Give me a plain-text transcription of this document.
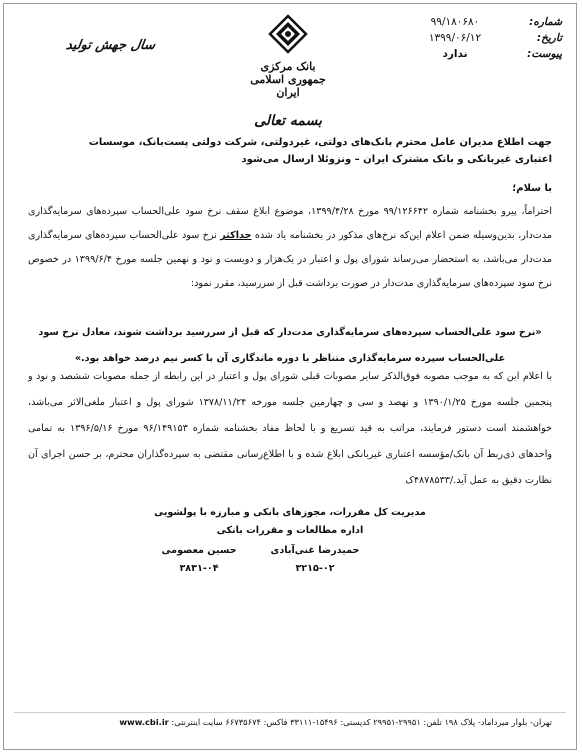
سال جهش تولید
بانک مرکزی جمهوری اسلامی ایران
بسمه تعالی
شماره:
۹۹/۱۸۰۶۸۰
تاریخ:
۱۳۹۹/۰۶/۱۲
پیوست:
ندارد
جهت اطلاع مدیران عامل محترم بانک‌های دولتی، غیردولتی، شرکت دولتی پست‌بانک، موسسات اعتباری غیربانکی و بانک مشترک ایران – ونزوئلا ارسال می‌شود
با سلام؛
احتراماً، پیرو بخشنامه شماره ۹۹/۱۲۶۶۴۲ مورخ ۱۳۹۹/۴/۲۸، موضوع ابلاغ سقف نرخ سود علی‌الحساب سپرده‌های سرمایه‌گذاری مدت‌دار، بدین‌وسیله ضمن اعلام این‌که نرخ‌های مذکور در بخشنامه یاد شده حداکثر نرخ سود علی‌الحساب سپرده‌های سرمایه‌گذاری مدت‌دار می‌باشد، به استحضار می‌رساند شورای پول و اعتبار در یک‌هزار و دویست و نود و نهمین جلسه مورخ ۱۳۹۹/۶/۴ در خصوص نرخ سود سپرده‌های سرمایه‌گذاری مدت‌دار در صورت برداشت قبل از سررسید، مقرر نمود:
«نرخ سود علی‌الحساب سپرده‌های سرمایه‌گذاری مدت‌دار که قبل از سررسید برداشت شوند، معادل نرخ سود
علی‌الحساب سپرده سرمایه‌گذاری متناظر با دوره ماندگاری آن با کسر نیم درصد خواهد بود.»
با اعلام این که به موجب مصوبه فوق‌الذکر سایر مصوبات قبلی شورای پول و اعتبار در این رابطه از جمله مصوبات ششصد و نود و پنجمین جلسه مورخ ۱۳۹۰/۱/۲۵ و نهصد و سی و چهارمین جلسه مورخه ۱۳۷۸/۱۱/۲۴ شورای پول و اعتبار ملغی‌الاثر می‌باشد، خواهشمند است دستور فرمایند، مراتب به قید تسریع و با لحاظ مفاد بخشنامه شماره ۹۶/۱۴۹۱۵۳ مورخ ۱۳۹۶/۵/۱۶ به تمامی واحدهای ذی‌ربط آن بانک/مؤسسه اعتباری غیربانکی ابلاغ شده و با اطلاع‌رسانی مقتضی به سپرده‌گذاران محترم، بر حسن اجرای آن نظارت دقیق به عمل آید./۴۸۷۸۵۳۳ک
مدیریت کل مقررات، مجوزهای بانکی و مبارزه با پولشویی
اداره مطالعات و مقررات بانکی
حمیدرضا غنی‌آبادی
حسین معصومی
۳۲۱۵-۰۲
۳۸۳۱-۰۴
تهران- بلوار میرداماد- پلاک ۱۹۸ تلفن: ۲۹۹۵۱-۲۹۹۵۱ کدپستی: ۱۵۴۹۶-۳۳۱۱۱ فاکس: ۶۶۷۳۵۶۷۴ سایت اینترنتی: www.cbi.ir
